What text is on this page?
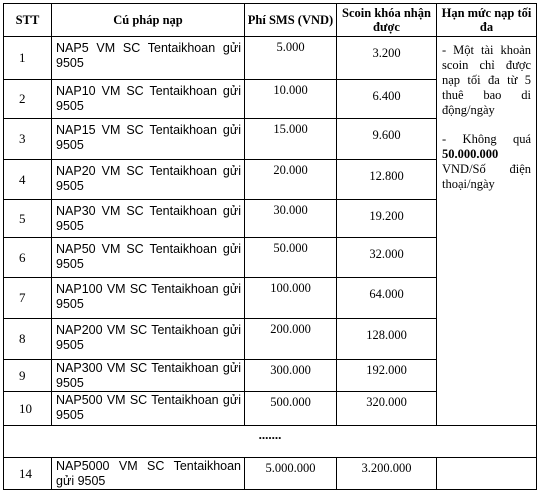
STT	Cú pháp nạp	Phí SMS (VND)	Scoin khóa nhận được	Hạn mức nạp tối đa
1	NAP5 VM SC Tentaikhoan gửi 9505	5.000	3.200	- Một tài khoản scoin chỉ được nạp tối đa từ 5 thuê bao di động/ngày

- Không quá 50.000.000 VND/Số điện thoại/ngày

2	NAP10 VM SC Tentaikhoan gửi 9505	10.000	6.400	
3	NAP15 VM SC Tentaikhoan gửi 9505	15.000	9.600	
4	NAP20 VM SC Tentaikhoan gửi 9505	20.000	12.800	
5	NAP30 VM SC Tentaikhoan gửi 9505	30.000	19.200	
6	NAP50 VM SC Tentaikhoan gửi 9505	50.000	32.000	
7	NAP100 VM SC Tentaikhoan gửi 9505	100.000	64.000	
8	NAP200 VM SC Tentaikhoan gửi 9505	200.000	128.000	
9	NAP300 VM SC Tentaikhoan gửi 9505	300.000	192.000	
10	NAP500 VM SC Tentaikhoan gửi 9505	500.000	320.000	
.......				
14	NAP5000 VM SC Tentaikhoan gửi 9505	5.000.000	3.200.000	
